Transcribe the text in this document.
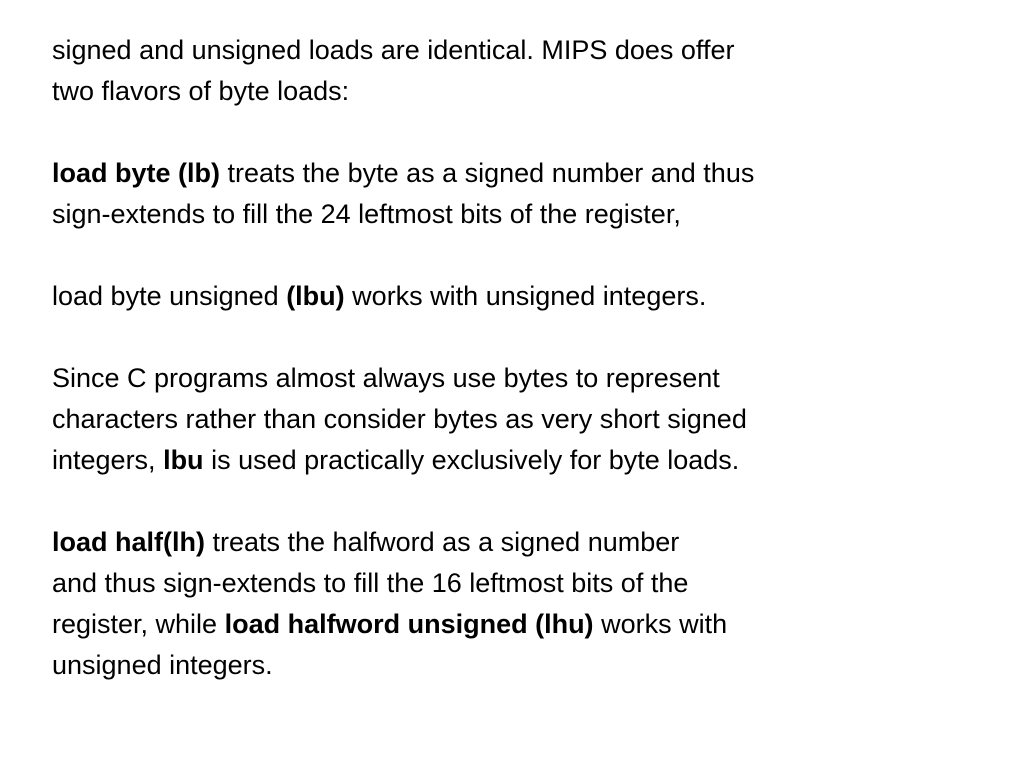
signed and unsigned loads are identical. MIPS does offer
two flavors of byte loads:

load byte (lb) treats the byte as a signed number and thus
sign-extends to fill the 24 leftmost bits of the register,

load byte unsigned (lbu) works with unsigned integers.

Since C programs almost always use bytes to represent
characters rather than consider bytes as very short signed
integers, lbu is used practically exclusively for byte loads.

load half(lh) treats the halfword as a signed number
and thus sign-extends to fill the 16 leftmost bits of the
register, while load halfword unsigned (lhu) works with
unsigned integers.
